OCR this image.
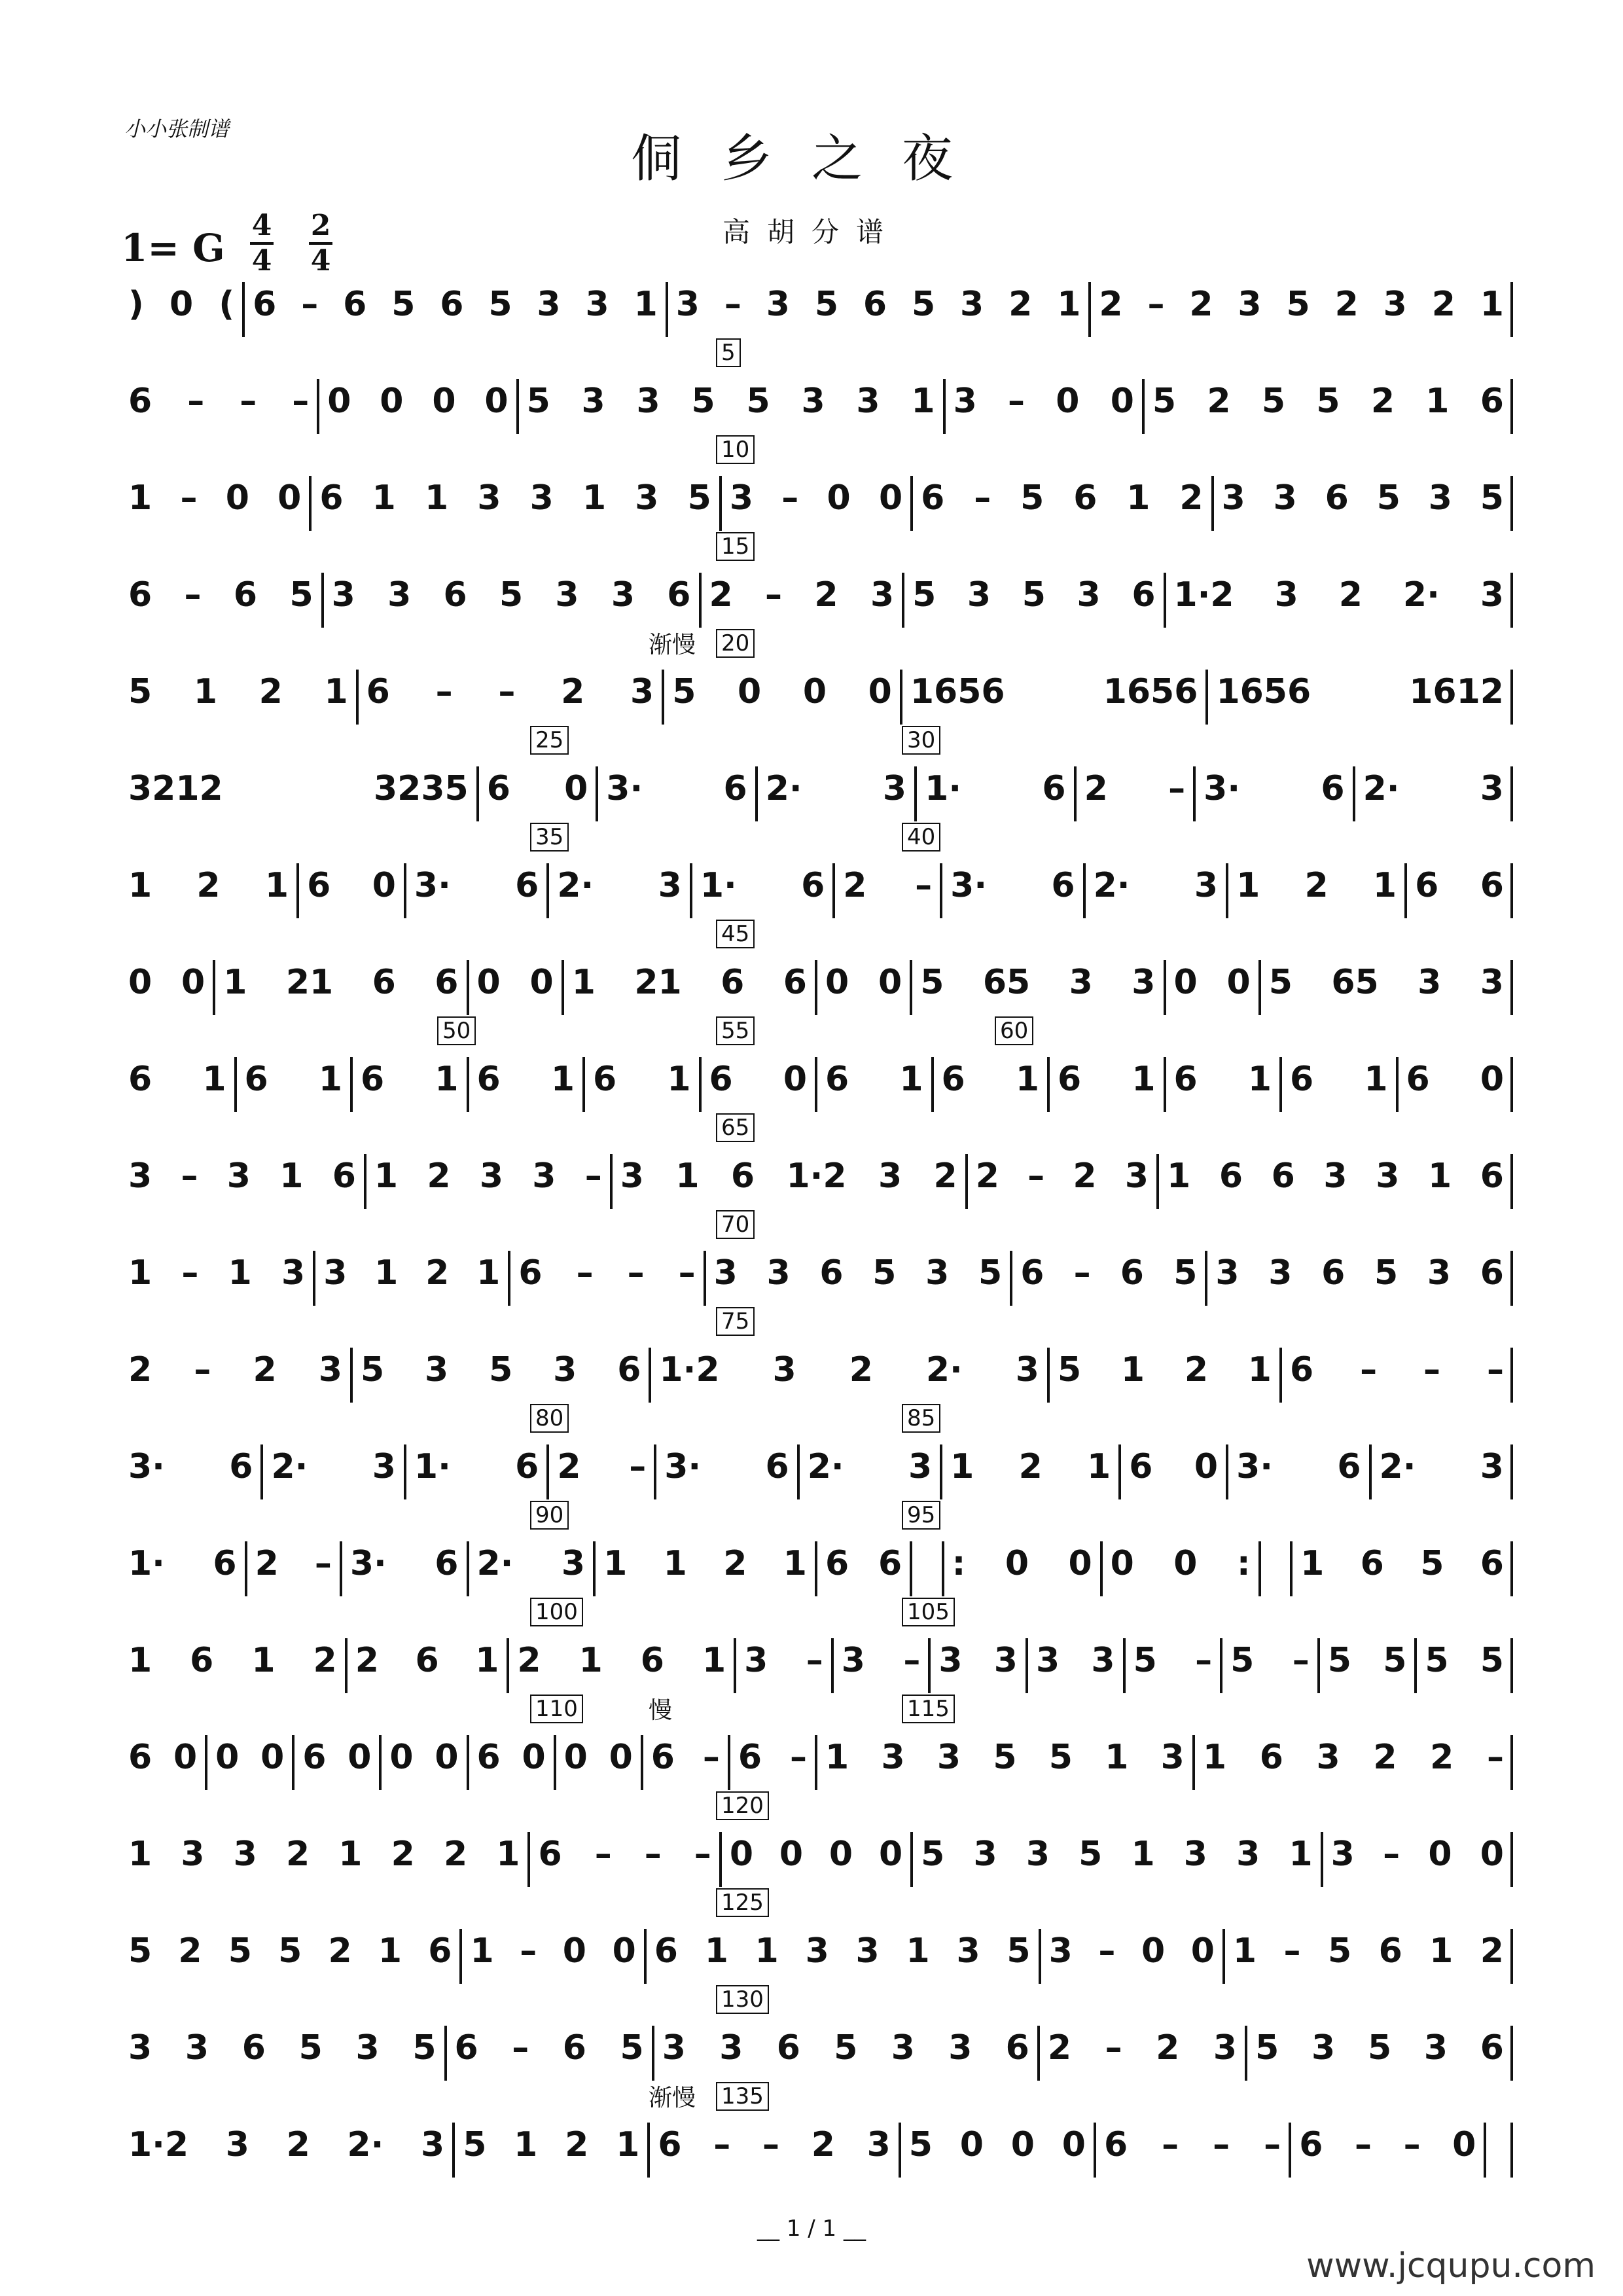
小小张制谱
侗乡之夜
高胡分谱
1= G
4
4
2
4
) 0 ( 6 – 6 5 6 5 3 3 1 3 – 3 5 6 5 3 2 1 2 – 2 3 5 2 3 2 1
6 – – – 0 0 0 0 5 3 3 5 5 3 3 1 3 – 0 0 5 2 5 5 2 1 6
5
1 – 0 0 6 1 1 3 3 1 3 5 3 – 0 0 6 – 5 6 1 2 3 3 6 5 3 5
10
6 – 6 5 3 3 6 5 3 3 6 2 – 2 3 5 3 5 3 6 1·2 3 2 2· 3
15
5 1 2 1 6 – – 2 3 5 0 0 0 1656 1656 1656 1612
20
渐慢
3212 3235 6 0 3· 6 2· 3 1· 6 2 – 3· 6 2· 3
25	30
1 2 1 6 0 3· 6 2· 3 1· 6 2 – 3· 6 2· 3 1 2 1 6 6
35	40
0 0 1 21 6 6 0 0 1 21 6 6 0 0 5 65 3 3 0 0 5 65 3 3
45
6 1 6 1 6 1 6 1 6 1 6 0 6 1 6 1 6 1 6 1 6 1 6 0
50	55	60
3 – 3 1 6 1 2 3 3 – 3 1 6 1·2 3 2 2 – 2 3 1 6 6 3 3 1 6
65
1 – 1 3 3 1 2 1 6 – – – 3 3 6 5 3 5 6 – 6 5 3 3 6 5 3 6
70
2 – 2 3 5 3 5 3 6 1·2 3 2 2· 3 5 1 2 1 6 – – –
75
3· 6 2· 3 1· 6 2 – 3· 6 2· 3 1 2 1 6 0 3· 6 2· 3
80	85
1· 6 2 – 3· 6 2· 3 1 1 2 1 6 6 : 0 0 0 0 : 1 6 5 6
90	95
1 6 1 2 2 6 1 2 1 6 1 3 – 3 – 3 3 3 3 5 – 5 – 5 5 5 5
100	105
6 0 0 0 6 0 0 0 6 0 0 0 6 – 6 – 1 3 3 5 5 1 3 1 6 3 2 2 –
110	115
慢
1 3 3 2 1 2 2 1 6 – – – 0 0 0 0 5 3 3 5 1 3 3 1 3 – 0 0
120
5 2 5 5 2 1 6 1 – 0 0 6 1 1 3 3 1 3 5 3 – 0 0 1 – 5 6 1 2
125
3 3 6 5 3 5 6 – 6 5 3 3 6 5 3 3 6 2 – 2 3 5 3 5 3 6
130
1·2 3 2 2· 3 5 1 2 1 6 – – 2 3 5 0 0 0 6 – – – 6 – – 0
135
渐慢
__ 1 / 1 __
www.jcqupu.com
